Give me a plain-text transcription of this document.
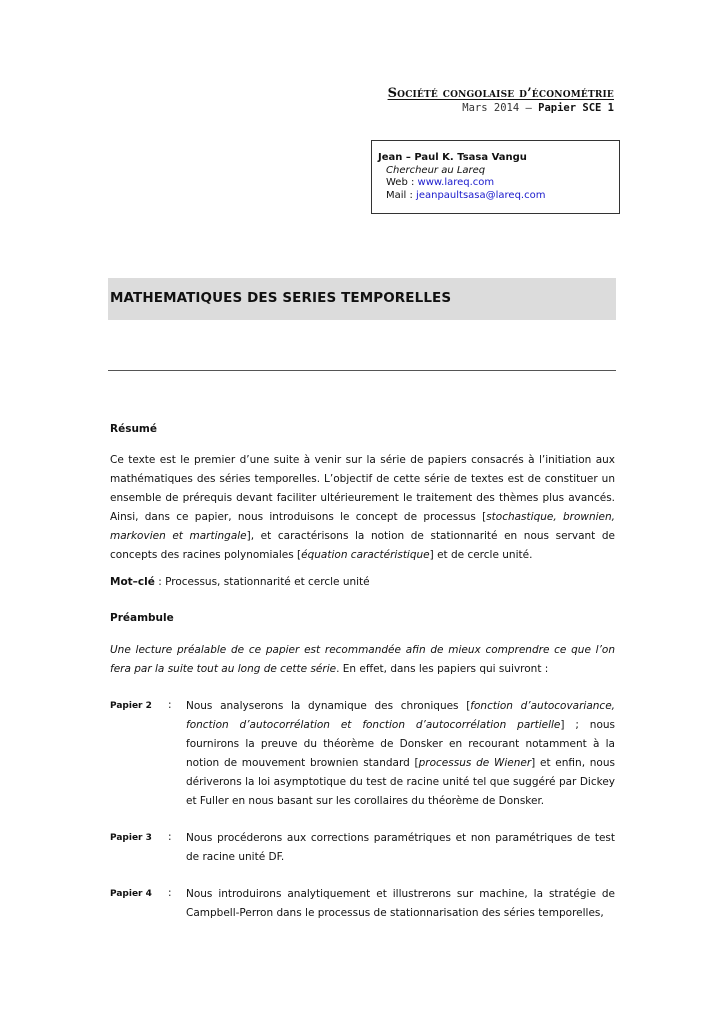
Société congolaise d’économétrie
Mars 2014 – Papier SCE 1
Jean – Paul K. Tsasa Vangu
Chercheur au Lareq
Web : www.lareq.com
Mail : jeanpaultsasa@lareq.com
MATHEMATIQUES DES SERIES TEMPORELLES
Résumé
Ce texte est le premier d’une suite à venir sur la série de papiers consacrés à l’initiation aux mathématiques des séries temporelles. L’objectif de cette série de textes est de constituer un ensemble de prérequis devant faciliter ultérieurement le traitement des thèmes plus avancés. Ainsi, dans ce papier, nous introduisons le concept de processus [stochastique, brownien, markovien et martingale], et caractérisons la notion de stationnarité en nous servant de concepts des racines polynomiales [équation caractéristique] et de cercle unité.
Mot–clé : Processus, stationnarité et cercle unité
Préambule
Une lecture préalable de ce papier est recommandée afin de mieux comprendre ce que l’on fera par la suite tout au long de cette série. En effet, dans les papiers qui suivront :
Papier 2 : Nous analyserons la dynamique des chroniques [fonction d’autocovariance, fonction d’autocorrélation et fonction d’autocorrélation partielle] ; nous fournirons la preuve du théorème de Donsker en recourant notamment à la notion de mouvement brownien standard [processus de Wiener] et enfin, nous dériverons la loi asymptotique du test de racine unité tel que suggéré par Dickey et Fuller en nous basant sur les corollaires du théorème de Donsker.
Papier 3 : Nous procéderons aux corrections paramétriques et non paramétriques de test de racine unité DF.
Papier 4 : Nous introduirons analytiquement et illustrerons sur machine, la stratégie de Campbell-Perron dans le processus de stationnarisation des séries temporelles,
